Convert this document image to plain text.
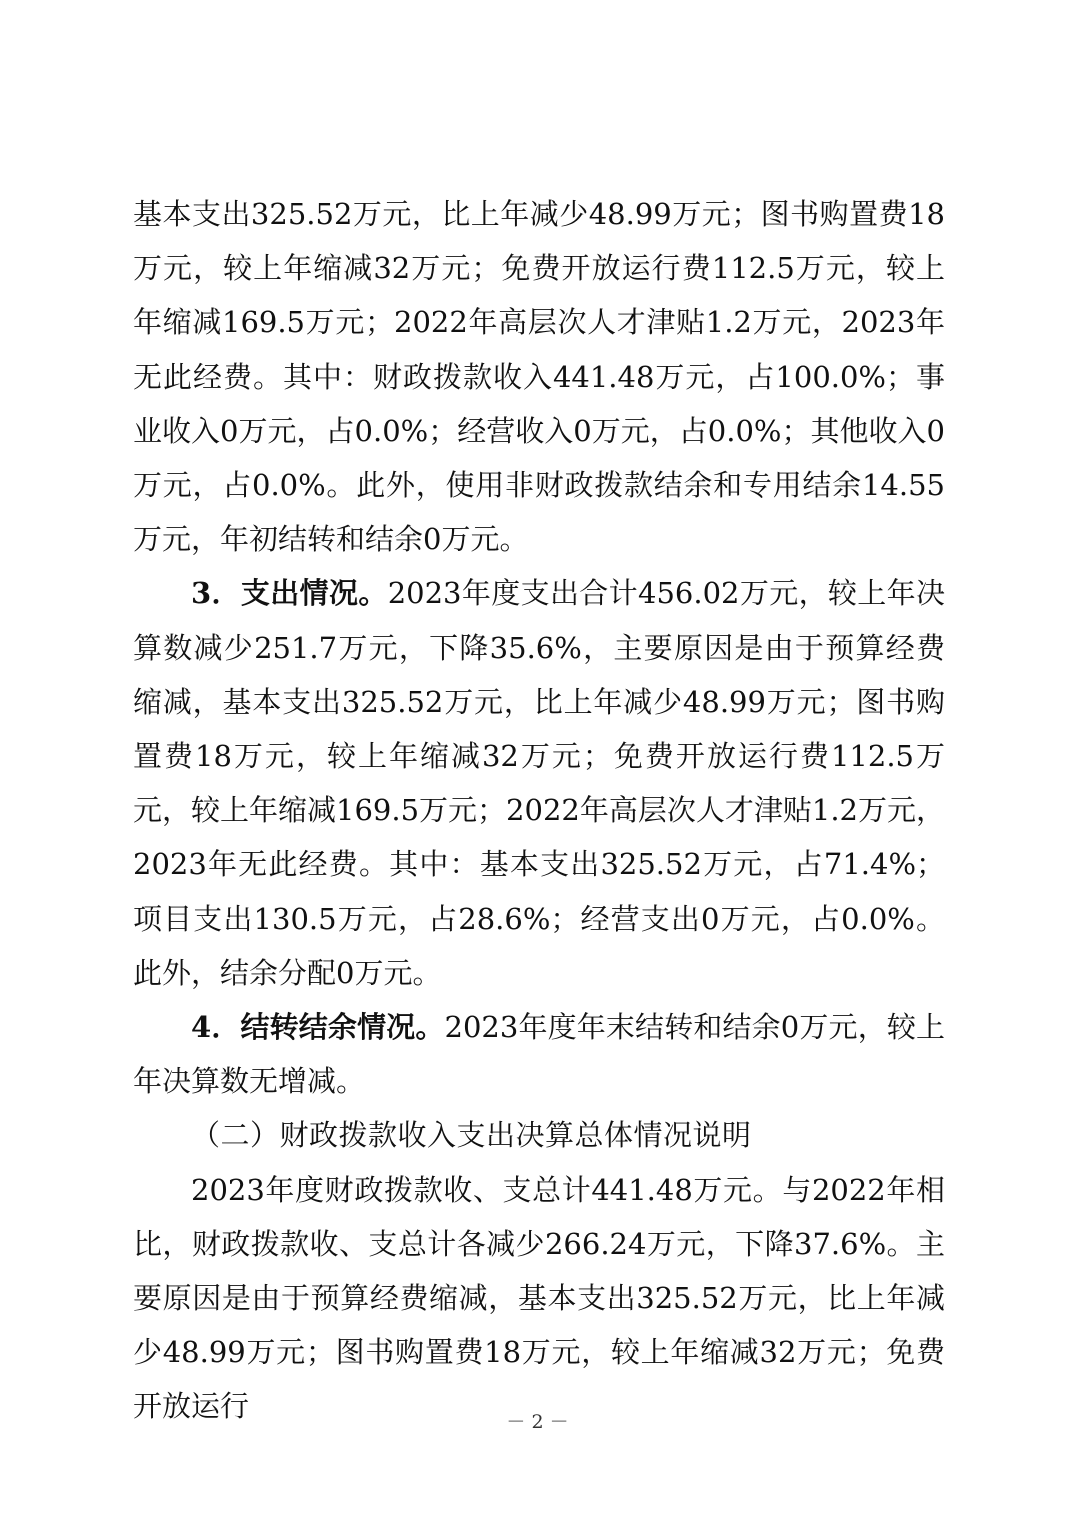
基本支出325.52万元，比上年减少48.99万元；图书购置费18万元，较上年缩减32万元；免费开放运行费112.5万元，较上年缩减169.5万元；2022年高层次人才津贴1.2万元，2023年无此经费。其中：财政拨款收入441.48万元，占100.0%；事业收入0万元，占0.0%；经营收入0万元，占0.0%；其他收入0万元，占0.0%。此外，使用非财政拨款结余和专用结余14.55万元，年初结转和结余0万元。

3．支出情况。2023年度支出合计456.02万元，较上年决算数减少251.7万元，下降35.6%，主要原因是由于预算经费缩减，基本支出325.52万元，比上年减少48.99万元；图书购置费18万元，较上年缩减32万元；免费开放运行费112.5万元，较上年缩减169.5万元；2022年高层次人才津贴1.2万元，2023年无此经费。其中：基本支出325.52万元，占71.4%；项目支出130.5万元，占28.6%；经营支出0万元，占0.0%。此外，结余分配0万元。

4．结转结余情况。2023年度年末结转和结余0万元，较上年决算数无增减。

（二）财政拨款收入支出决算总体情况说明

2023年度财政拨款收、支总计441.48万元。与2022年相比，财政拨款收、支总计各减少266.24万元，下降37.6%。主要原因是由于预算经费缩减，基本支出325.52万元，比上年减少48.99万元；图书购置费18万元，较上年缩减32万元；免费开放运行	－ 2 －
